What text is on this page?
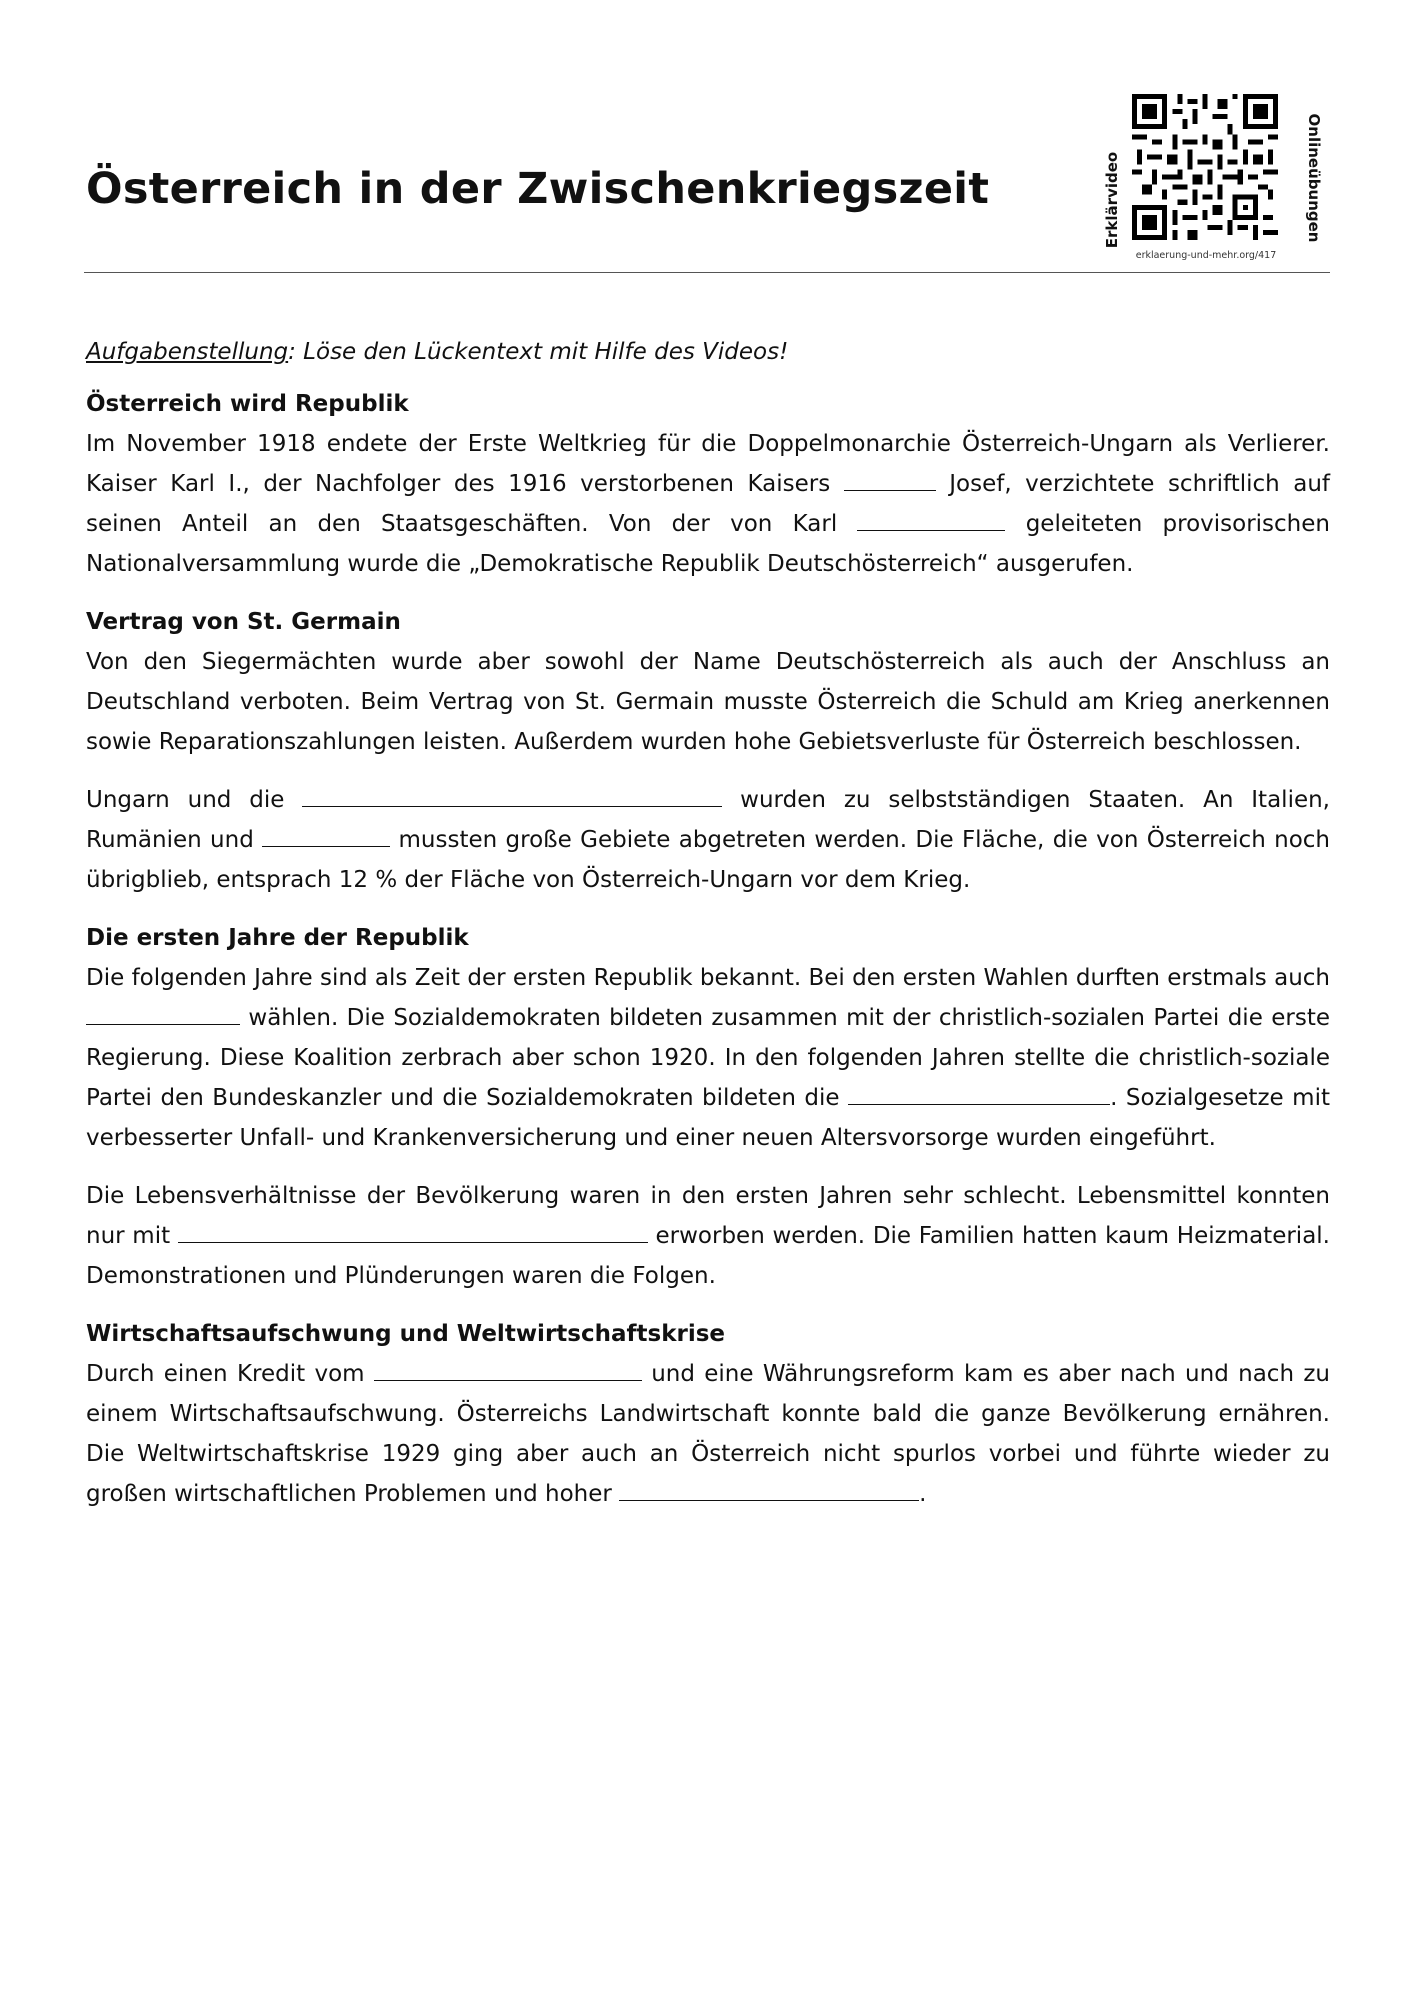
Österreich in der Zwischenkriegszeit	Erklärvideo	Onlineübungen
erklaerung-und-mehr.org/417

Aufgabenstellung: Löse den Lückentext mit Hilfe des Videos!

Österreich wird Republik

Im November 1918 endete der Erste Weltkrieg für die Doppelmonarchie Österreich-Ungarn als Verlierer. Kaiser Karl I., der Nachfolger des 1916 verstorbenen Kaisers	Josef, verzichtete schriftlich auf seinen Anteil an den Staatsgeschäften. Von der von Karl	geleiteten provisorischen Nationalversammlung wurde die „Demokratische Republik Deutschösterreich“ ausgerufen.

Vertrag von St. Germain

Von den Siegermächten wurde aber sowohl der Name Deutschösterreich als auch der Anschluss an Deutschland verboten. Beim Vertrag von St. Germain musste Österreich die Schuld am Krieg anerkennen sowie Reparationszahlungen leisten. Außerdem wurden hohe Gebietsverluste für Österreich beschlossen.

Ungarn und die	wurden zu selbstständigen Staaten. An Italien, Rumänien und	mussten große Gebiete abgetreten werden. Die Fläche, die von Österreich noch übrigblieb, entsprach 12 % der Fläche von Österreich-Ungarn vor dem Krieg.

Die ersten Jahre der Republik

Die folgenden Jahre sind als Zeit der ersten Republik bekannt. Bei den ersten Wahlen durften erstmals auch  wählen. Die Sozialdemokraten bildeten zusammen mit der christlich-sozialen Partei die erste Regierung. Diese Koalition zerbrach aber schon 1920. In den folgenden Jahren stellte die christlich-soziale Partei den Bundeskanzler und die Sozialdemokraten bildeten die	. Sozialgesetze mit verbesserter Unfall- und Krankenversicherung und einer neuen Altersvorsorge wurden eingeführt.

Die Lebensverhältnisse der Bevölkerung waren in den ersten Jahren sehr schlecht. Lebensmittel konnten nur mit	erworben werden. Die Familien hatten kaum Heizmaterial. Demonstrationen und Plünderungen waren die Folgen.

Wirtschaftsaufschwung und Weltwirtschaftskrise

Durch einen Kredit vom	und eine Währungsreform kam es aber nach und nach zu einem Wirtschaftsaufschwung. Österreichs Landwirtschaft konnte bald die ganze Bevölkerung ernähren. Die Weltwirtschaftskrise 1929 ging aber auch an Österreich nicht spurlos vorbei und führte wieder zu großen wirtschaftlichen Problemen und hoher	.
